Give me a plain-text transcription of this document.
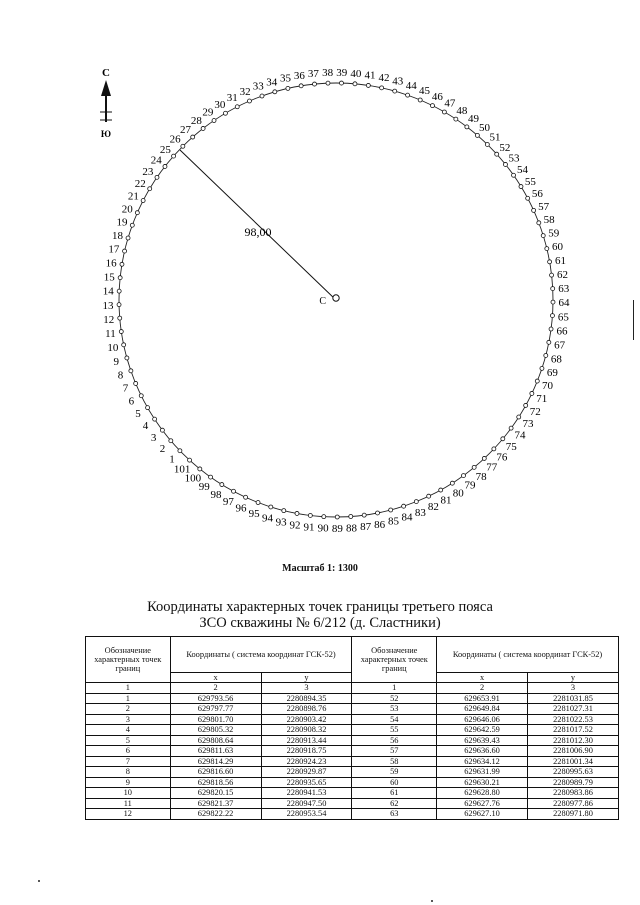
С
Ю
С
98,00
1
2
3
4
5
6
7
8
9
10
11
12
13
14
15
16
17
18
19
20
21
22
23
24
25
26
27
28
29
30
31
32 33 34 35 36 37 38 39 40 41 42 43 44 45 46
47
48
49
50
51
52
53
54
55
56
57
58
59
60
61
62
63
64
65
66
67
68
69
70
71
72
73
74
75
76
77
78
79
80
81
82
83
84
85
86
87
88
89
90
91
92
93
94
95
96
97
98
99
100
101
Масштаб 1: 1300
Координаты характерных точек границы третьего пояса
ЗСО скважины № 6/212 (д. Сластники)
Обозначение характерных точек границ	Координаты ( система координат ГСК-52)		Обозначение характерных точек границ	Координаты ( система координат ГСК-52)	
	х	у		х	у
1	2	3	1	2	3
1	629793.56	2280894.35	52	629653.91	2281031.85
2	629797.77	2280898.76	53	629649.84	2281027.31
3	629801.70	2280903.42	54	629646.06	2281022.53
4	629805.32	2280908.32	55	629642.59	2281017.52
5	629808.64	2280913.44	56	629639.43	2281012.30
6	629811.63	2280918.75	57	629636.60	2281006.90
7	629814.29	2280924.23	58	629634.12	2281001.34
8	629816.60	2280929.87	59	629631.99	2280995.63
9	629818.56	2280935.65	60	629630.21	2280989.79
10	629820.15	2280941.53	61	629628.80	2280983.86
11	629821.37	2280947.50	62	629627.76	2280977.86
12	629822.22	2280953.54	63	629627.10	2280971.80
